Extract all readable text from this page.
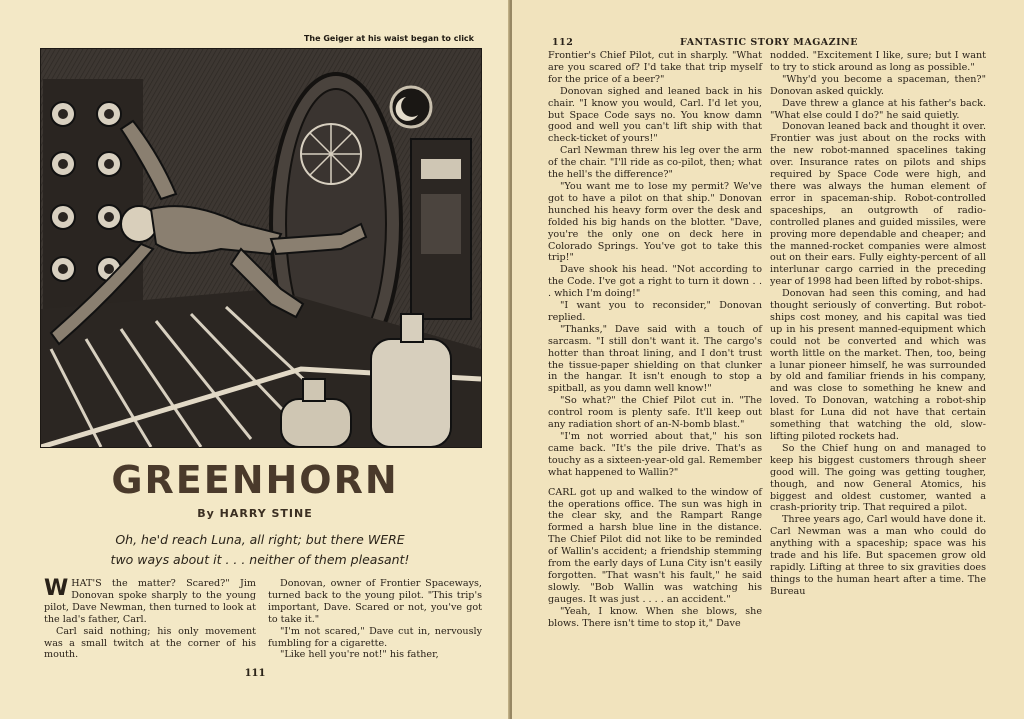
The Geiger at his waist began to click
GREENHORN
By HARRY STINE
Oh, he'd reach Luna, all right; but there WERE
two ways about it . . . neither of them pleasant!

WHAT'S the matter? Scared?" Jim Donovan spoke sharply to the young pilot, Dave Newman, then turned to look at the lad's father, Carl.

Carl said nothing; his only movement was a small twitch at the corner of his mouth.

Donovan, owner of Frontier Spaceways, turned back to the young pilot. "This trip's important, Dave. Scared or not, you've got to take it."

"I'm not scared," Dave cut in, nervously fumbling for a cigarette.

"Like hell you're not!" his father,

111
112	FANTASTIC STORY MAGAZINE

Frontier's Chief Pilot, cut in sharply. "What are you scared of? I'd take that trip myself for the price of a beer?"

Donovan sighed and leaned back in his chair. "I know you would, Carl. I'd let you, but Space Code says no. You know damn good and well you can't lift ship with that check-ticket of yours!"

Carl Newman threw his leg over the arm of the chair. "I'll ride as co-pilot, then; what the hell's the difference?"

"You want me to lose my permit? We've got to have a pilot on that ship." Donovan hunched his heavy form over the desk and folded his big hands on the blotter. "Dave, you're the only one on deck here in Colorado Springs. You've got to take this trip!"

Dave shook his head. "Not according to the Code. I've got a right to turn it down . . . which I'm doing!"

"I want you to reconsider," Donovan replied.

"Thanks," Dave said with a touch of sarcasm. "I still don't want it. The cargo's hotter than throat lining, and I don't trust the tissue-paper shielding on that clunker in the hangar. It isn't enough to stop a spitball, as you damn well know!"

"So what?" the Chief Pilot cut in. "The control room is plenty safe. It'll keep out any radiation short of an-N-bomb blast."

"I'm not worried about that," his son came back. "It's the pile drive. That's as touchy as a sixteen-year-old gal. Remember what happened to Wallin?"

CARL got up and walked to the window of the operations office. The sun was high in the clear sky, and the Rampart Range formed a harsh blue line in the distance. The Chief Pilot did not like to be reminded of Wallin's accident; a friendship stemming from the early days of Luna City isn't easily forgotten. "That wasn't his fault," he said slowly. "Bob Wallin was watching his gauges. It was just . . . . an accident."

"Yeah, I know. When she blows, she blows. There isn't time to stop it," Dave

nodded. "Excitement I like, sure; but I want to try to stick around as long as possible."

"Why'd you become a spaceman, then?" Donovan asked quickly.

Dave threw a glance at his father's back. "What else could I do?" he said quietly.

Donovan leaned back and thought it over. Frontier was just about on the rocks with the new robot-manned spacelines taking over. Insurance rates on pilots and ships required by Space Code were high, and there was always the human element of error in spaceman-ship. Robot-controlled spaceships, an outgrowth of radio-controlled planes and guided missiles, were proving more dependable and cheaper; and the manned-rocket companies were almost out on their ears. Fully eighty-percent of all interlunar cargo carried in the preceding year of 1998 had been lifted by robot-ships.

Donovan had seen this coming, and had thought seriously of converting. But robot-ships cost money, and his capital was tied up in his present manned-equipment which could not be converted and which was worth little on the market. Then, too, being a lunar pioneer himself, he was surrounded by old and familiar friends in his company, and was close to something he knew and loved. To Donovan, watching a robot-ship blast for Luna did not have that certain something that watching the old, slow-lifting piloted rockets had.

So the Chief hung on and managed to keep his biggest customers through sheer good will. The going was getting tougher, though, and now General Atomics, his biggest and oldest customer, wanted a crash-priority trip. That required a pilot.

Three years ago, Carl would have done it. Carl Newman was a man who could do anything with a spaceship; space was his trade and his life. But spacemen grow old rapidly. Lifting at three to six gravities does things to the human heart after a time. The Bureau
